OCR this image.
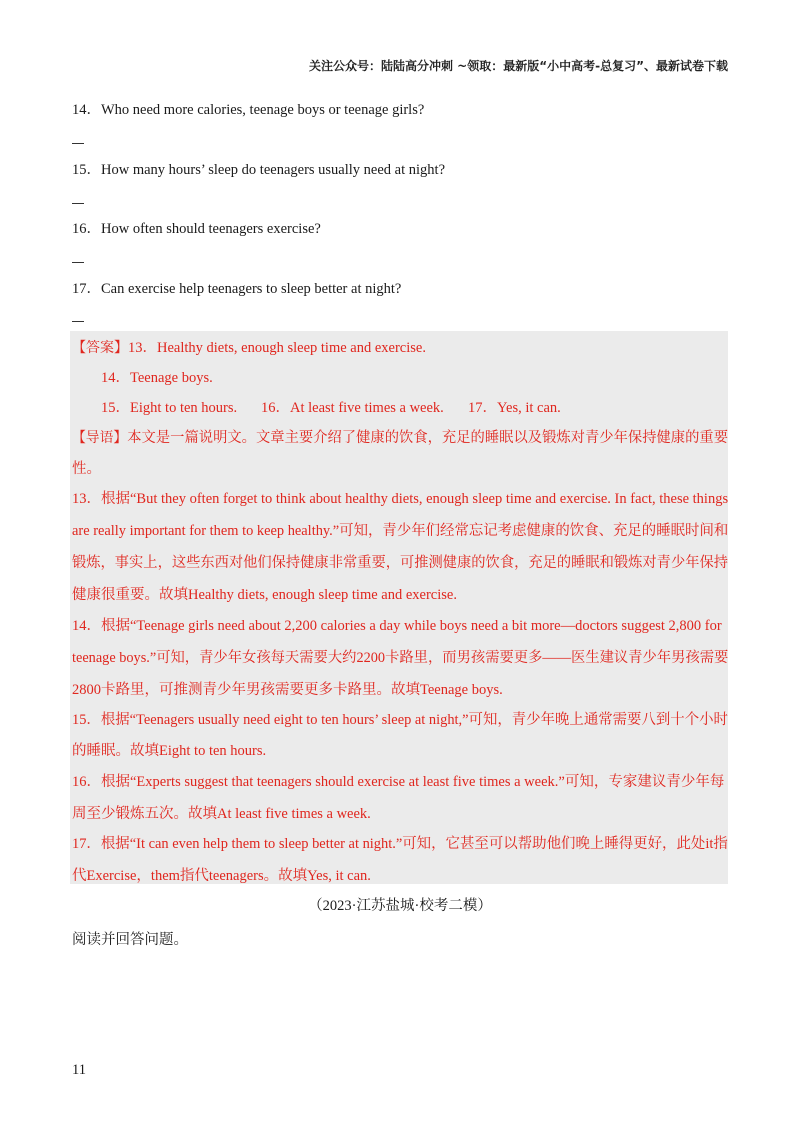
关注公众号：陆陆高分冲刺 ~领取：最新版“小中高考-总复习”、最新试卷下载
14．Who need more calories, teenage boys or teenage girls?
15．How many hours’ sleep do teenagers usually need at night?
16．How often should teenagers exercise?
17．Can exercise help teenagers to sleep better at night?
【答案】13．Healthy diets, enough sleep time and exercise.
14．Teenage boys.
15．Eight to ten hours. 16．At least five times a week. 17．Yes, it can.
【导语】本文是一篇说明文。文章主要介绍了健康的饮食，充足的睡眠以及锻炼对青少年保持健康的重要
性。
13．根据“But they often forget to think about healthy diets, enough sleep time and exercise. In fact, these things
are really important for them to keep healthy.”可知，青少年们经常忘记考虑健康的饮食、充足的睡眠时间和
锻炼，事实上，这些东西对他们保持健康非常重要，可推测健康的饮食，充足的睡眠和锻炼对青少年保持
健康很重要。故填Healthy diets, enough sleep time and exercise.
14．根据“Teenage girls need about 2,200 calories a day while boys need a bit more—doctors suggest 2,800 for
teenage boys.”可知，青少年女孩每天需要大约2200卡路里，而男孩需要更多——医生建议青少年男孩需要
2800卡路里，可推测青少年男孩需要更多卡路里。故填Teenage boys.
15．根据“Teenagers usually need eight to ten hours’ sleep at night,”可知，青少年晚上通常需要八到十个小时
的睡眠。故填Eight to ten hours.
16．根据“Experts suggest that teenagers should exercise at least five times a week.”可知，专家建议青少年每
周至少锻炼五次。故填At least five times a week.
17．根据“It can even help them to sleep better at night.”可知，它甚至可以帮助他们晚上睡得更好，此处it指
代Exercise，them指代teenagers。故填Yes, it can.
（2023·江苏盐城·校考二模）
阅读并回答问题。
11
